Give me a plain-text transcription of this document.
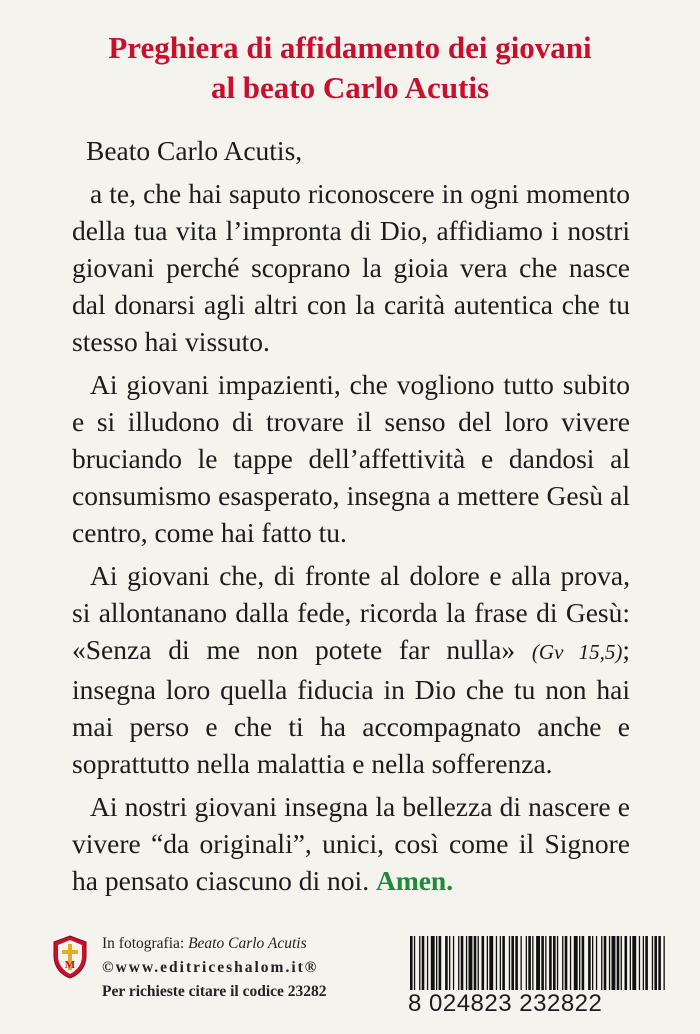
Preghiera di affidamento dei giovani
al beato Carlo Acutis

Beato Carlo Acutis,

a te, che hai saputo riconoscere in ogni momento della tua vita l’impronta di Dio, affidiamo i nostri giovani perché scoprano la gioia vera che nasce dal donarsi agli altri con la carità autentica che tu stesso hai vissuto.

Ai giovani impazienti, che vogliono tutto subito e si illudono di trovare il senso del loro vivere bruciando le tappe dell’affettività e dandosi al consumismo esasperato, insegna a mettere Gesù al centro, come hai fatto tu.

Ai giovani che, di fronte al dolore e alla prova, si allontanano dalla fede, ricorda la frase di Gesù: «Senza di me non potete far nulla» (Gv 15,5); insegna loro quella fiducia in Dio che tu non hai mai perso e che ti ha accompagnato anche e soprattutto nella malattia e nella sofferenza.

Ai nostri giovani insegna la bellezza di nascere e vivere “da originali”, unici, così come il Signore ha pensato ciascuno di noi. Amen.

M
In fotografia: Beato Carlo Acutis
©www.editriceshalom.it®
Per richieste citare il codice 23282	8 024823 232822
